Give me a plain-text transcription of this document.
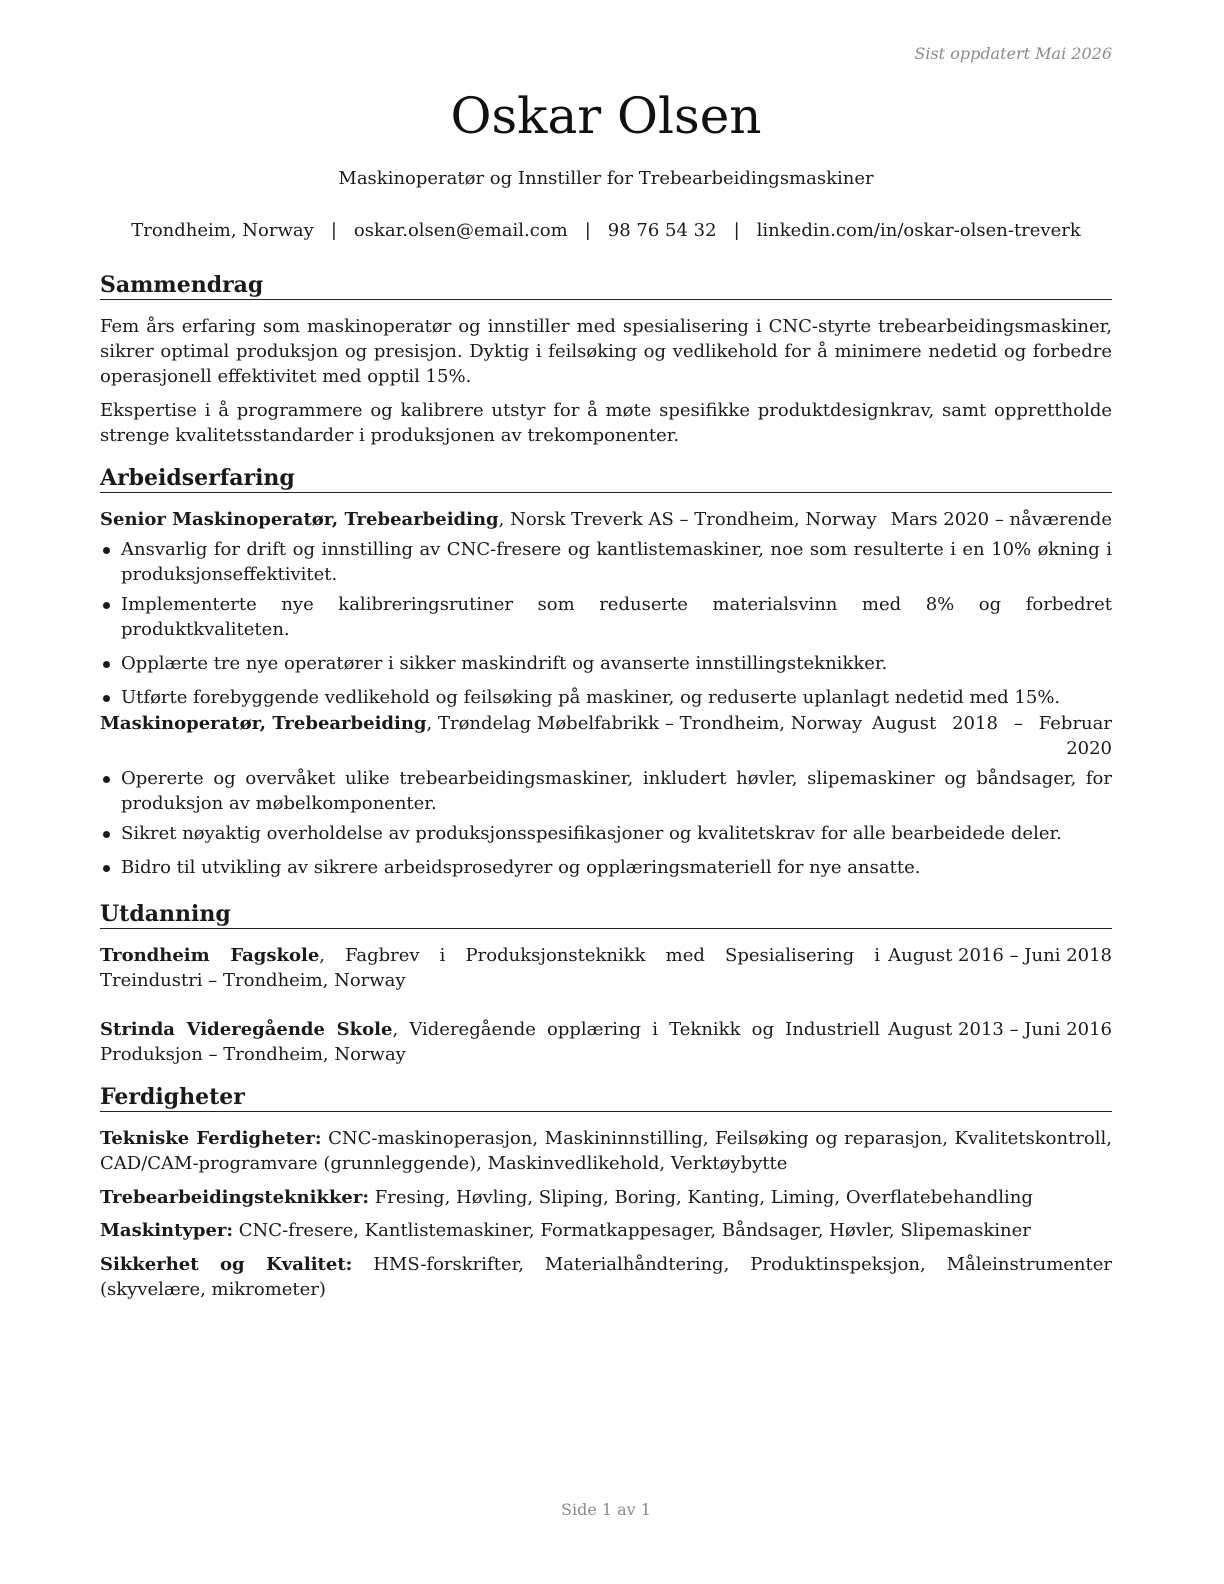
Sist oppdatert Mai 2026
Oskar Olsen
Maskinoperatør og Innstiller for Trebearbeidingsmaskiner
Trondheim, Norway | oskar.olsen@email.com | 98 76 54 32 | linkedin.com/in/oskar-olsen-treverk
Sammendrag
Fem års erfaring som maskinoperatør og innstiller med spesialisering i CNC-styrte trebearbeidingsmaskiner, sikrer optimal produksjon og presisjon. Dyktig i feilsøking og vedlikehold for å minimere nedetid og forbedre operasjonell effektivitet med opptil 15%.
Ekspertise i å programmere og kalibrere utstyr for å møte spesifikke produktdesignkrav, samt opprettholde strenge kvalitetsstandarder i produksjonen av trekomponenter.
Arbeidserfaring
Senior Maskinoperatør, Trebearbeiding, Norsk Treverk AS – Trondheim, Norway Mars 2020 – nåværende
Ansvarlig for drift og innstilling av CNC-fresere og kantlistemaskiner, noe som resulterte i en 10% økning i produksjonseffektivitet.
Implementerte nye kalibreringsrutiner som reduserte materialsvinn med 8% og forbedret produktkvaliteten.
Opplærte tre nye operatører i sikker maskindrift og avanserte innstillingsteknikker.
Utførte forebyggende vedlikehold og feilsøking på maskiner, og reduserte uplanlagt nedetid med 15%.
Maskinoperatør, Trebearbeiding, Trøndelag Møbelfabrikk – Trondheim, Norway August 2018 – Februar
2020
Opererte og overvåket ulike trebearbeidingsmaskiner, inkludert høvler, slipemaskiner og båndsager, for produksjon av møbelkomponenter.
Sikret nøyaktig overholdelse av produksjonsspesifikasjoner og kvalitetskrav for alle bearbeidede deler.
Bidro til utvikling av sikrere arbeidsprosedyrer og opplæringsmateriell for nye ansatte.
Utdanning
Trondheim Fagskole, Fagbrev i Produksjonsteknikk med Spesialisering i Treindustri – Trondheim, Norway
August 2016 – Juni 2018
Strinda Videregående Skole, Videregående opplæring i Teknikk og Industriell Produksjon – Trondheim, Norway
August 2013 – Juni 2016
Ferdigheter
Tekniske Ferdigheter: CNC-maskinoperasjon, Maskininnstilling, Feilsøking og reparasjon, Kvalitetskontroll, CAD/CAM-programvare (grunnleggende), Maskinvedlikehold, Verktøybytte
Trebearbeidingsteknikker: Fresing, Høvling, Sliping, Boring, Kanting, Liming, Overflatebehandling
Maskintyper: CNC-fresere, Kantlistemaskiner, Formatkappesager, Båndsager, Høvler, Slipemaskiner
Sikkerhet og Kvalitet: HMS-forskrifter, Materialhåndtering, Produktinspeksjon, Måleinstrumenter (skyvelære, mikrometer)
Side 1 av 1
